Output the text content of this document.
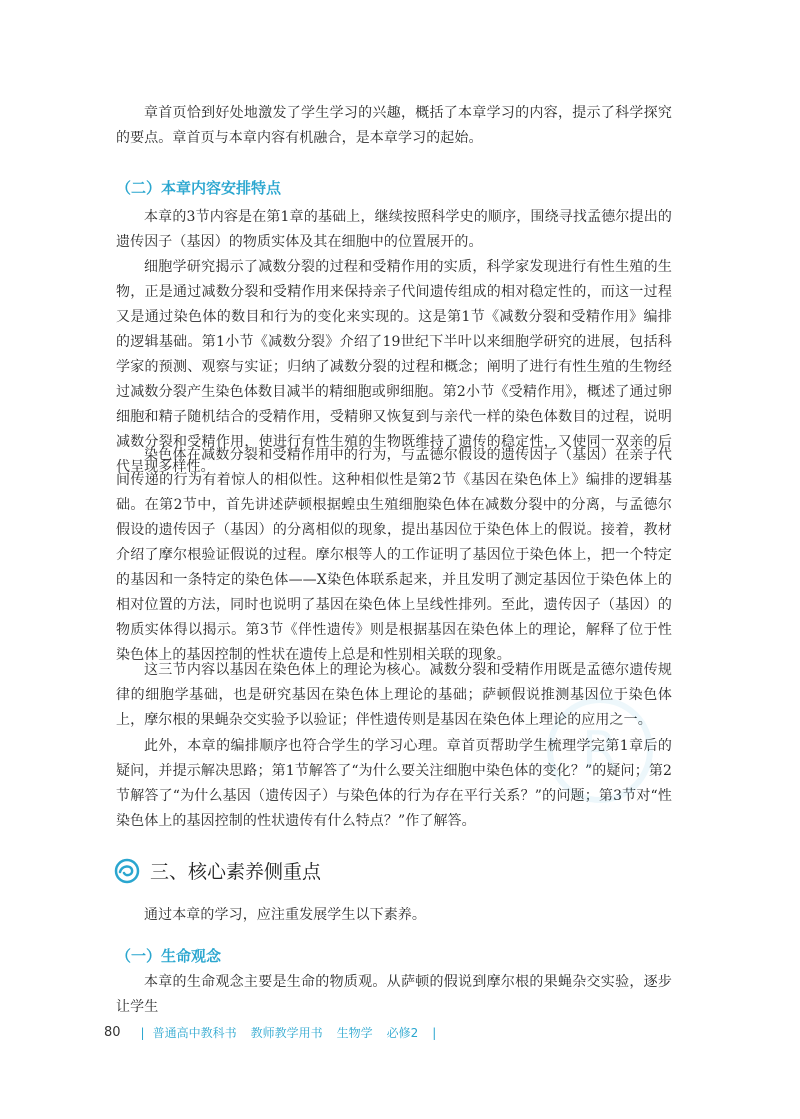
章首页恰到好处地激发了学生学习的兴趣，概括了本章学习的内容，提示了科学探究的要点。章首页与本章内容有机融合，是本章学习的起始。

（二）本章内容安排特点

本章的3节内容是在第1章的基础上，继续按照科学史的顺序，围绕寻找孟德尔提出的遗传因子（基因）的物质实体及其在细胞中的位置展开的。

细胞学研究揭示了减数分裂的过程和受精作用的实质，科学家发现进行有性生殖的生物，正是通过减数分裂和受精作用来保持亲子代间遗传组成的相对稳定性的，而这一过程又是通过染色体的数目和行为的变化来实现的。这是第1节《减数分裂和受精作用》编排的逻辑基础。第1小节《减数分裂》介绍了19世纪下半叶以来细胞学研究的进展，包括科学家的预测、观察与实证；归纳了减数分裂的过程和概念；阐明了进行有性生殖的生物经过减数分裂产生染色体数目减半的精细胞或卵细胞。第2小节《受精作用》，概述了通过卵细胞和精子随机结合的受精作用，受精卵又恢复到与亲代一样的染色体数目的过程，说明减数分裂和受精作用，使进行有性生殖的生物既维持了遗传的稳定性，又使同一双亲的后代呈现多样性。

染色体在减数分裂和受精作用中的行为，与孟德尔假设的遗传因子（基因）在亲子代间传递的行为有着惊人的相似性。这种相似性是第2节《基因在染色体上》编排的逻辑基础。在第2节中，首先讲述萨顿根据蝗虫生殖细胞染色体在减数分裂中的分离，与孟德尔假设的遗传因子（基因）的分离相似的现象，提出基因位于染色体上的假说。接着，教材介绍了摩尔根验证假说的过程。摩尔根等人的工作证明了基因位于染色体上，把一个特定的基因和一条特定的染色体——X染色体联系起来，并且发明了测定基因位于染色体上的相对位置的方法，同时也说明了基因在染色体上呈线性排列。至此，遗传因子（基因）的物质实体得以揭示。第3节《伴性遗传》则是根据基因在染色体上的理论，解释了位于性染色体上的基因控制的性状在遗传上总是和性别相关联的现象。

这三节内容以基因在染色体上的理论为核心。减数分裂和受精作用既是孟德尔遗传规律的细胞学基础，也是研究基因在染色体上理论的基础；萨顿假说推测基因位于染色体上，摩尔根的果蝇杂交实验予以验证；伴性遗传则是基因在染色体上理论的应用之一。

此外，本章的编排顺序也符合学生的学习心理。章首页帮助学生梳理学完第1章后的疑问，并提示解决思路；第1节解答了“为什么要关注细胞中染色体的变化？”的疑问；第2节解答了“为什么基因（遗传因子）与染色体的行为存在平行关系？”的问题；第3节对“性染色体上的基因控制的性状遗传有什么特点？”作了解答。

R
三、核心素养侧重点

通过本章的学习，应注重发展学生以下素养。

（一）生命观念

本章的生命观念主要是生命的物质观。从萨顿的假说到摩尔根的果蝇杂交实验，逐步让学生

80 | 普通高中教科书 教师教学用书 生物学 必修2 |
